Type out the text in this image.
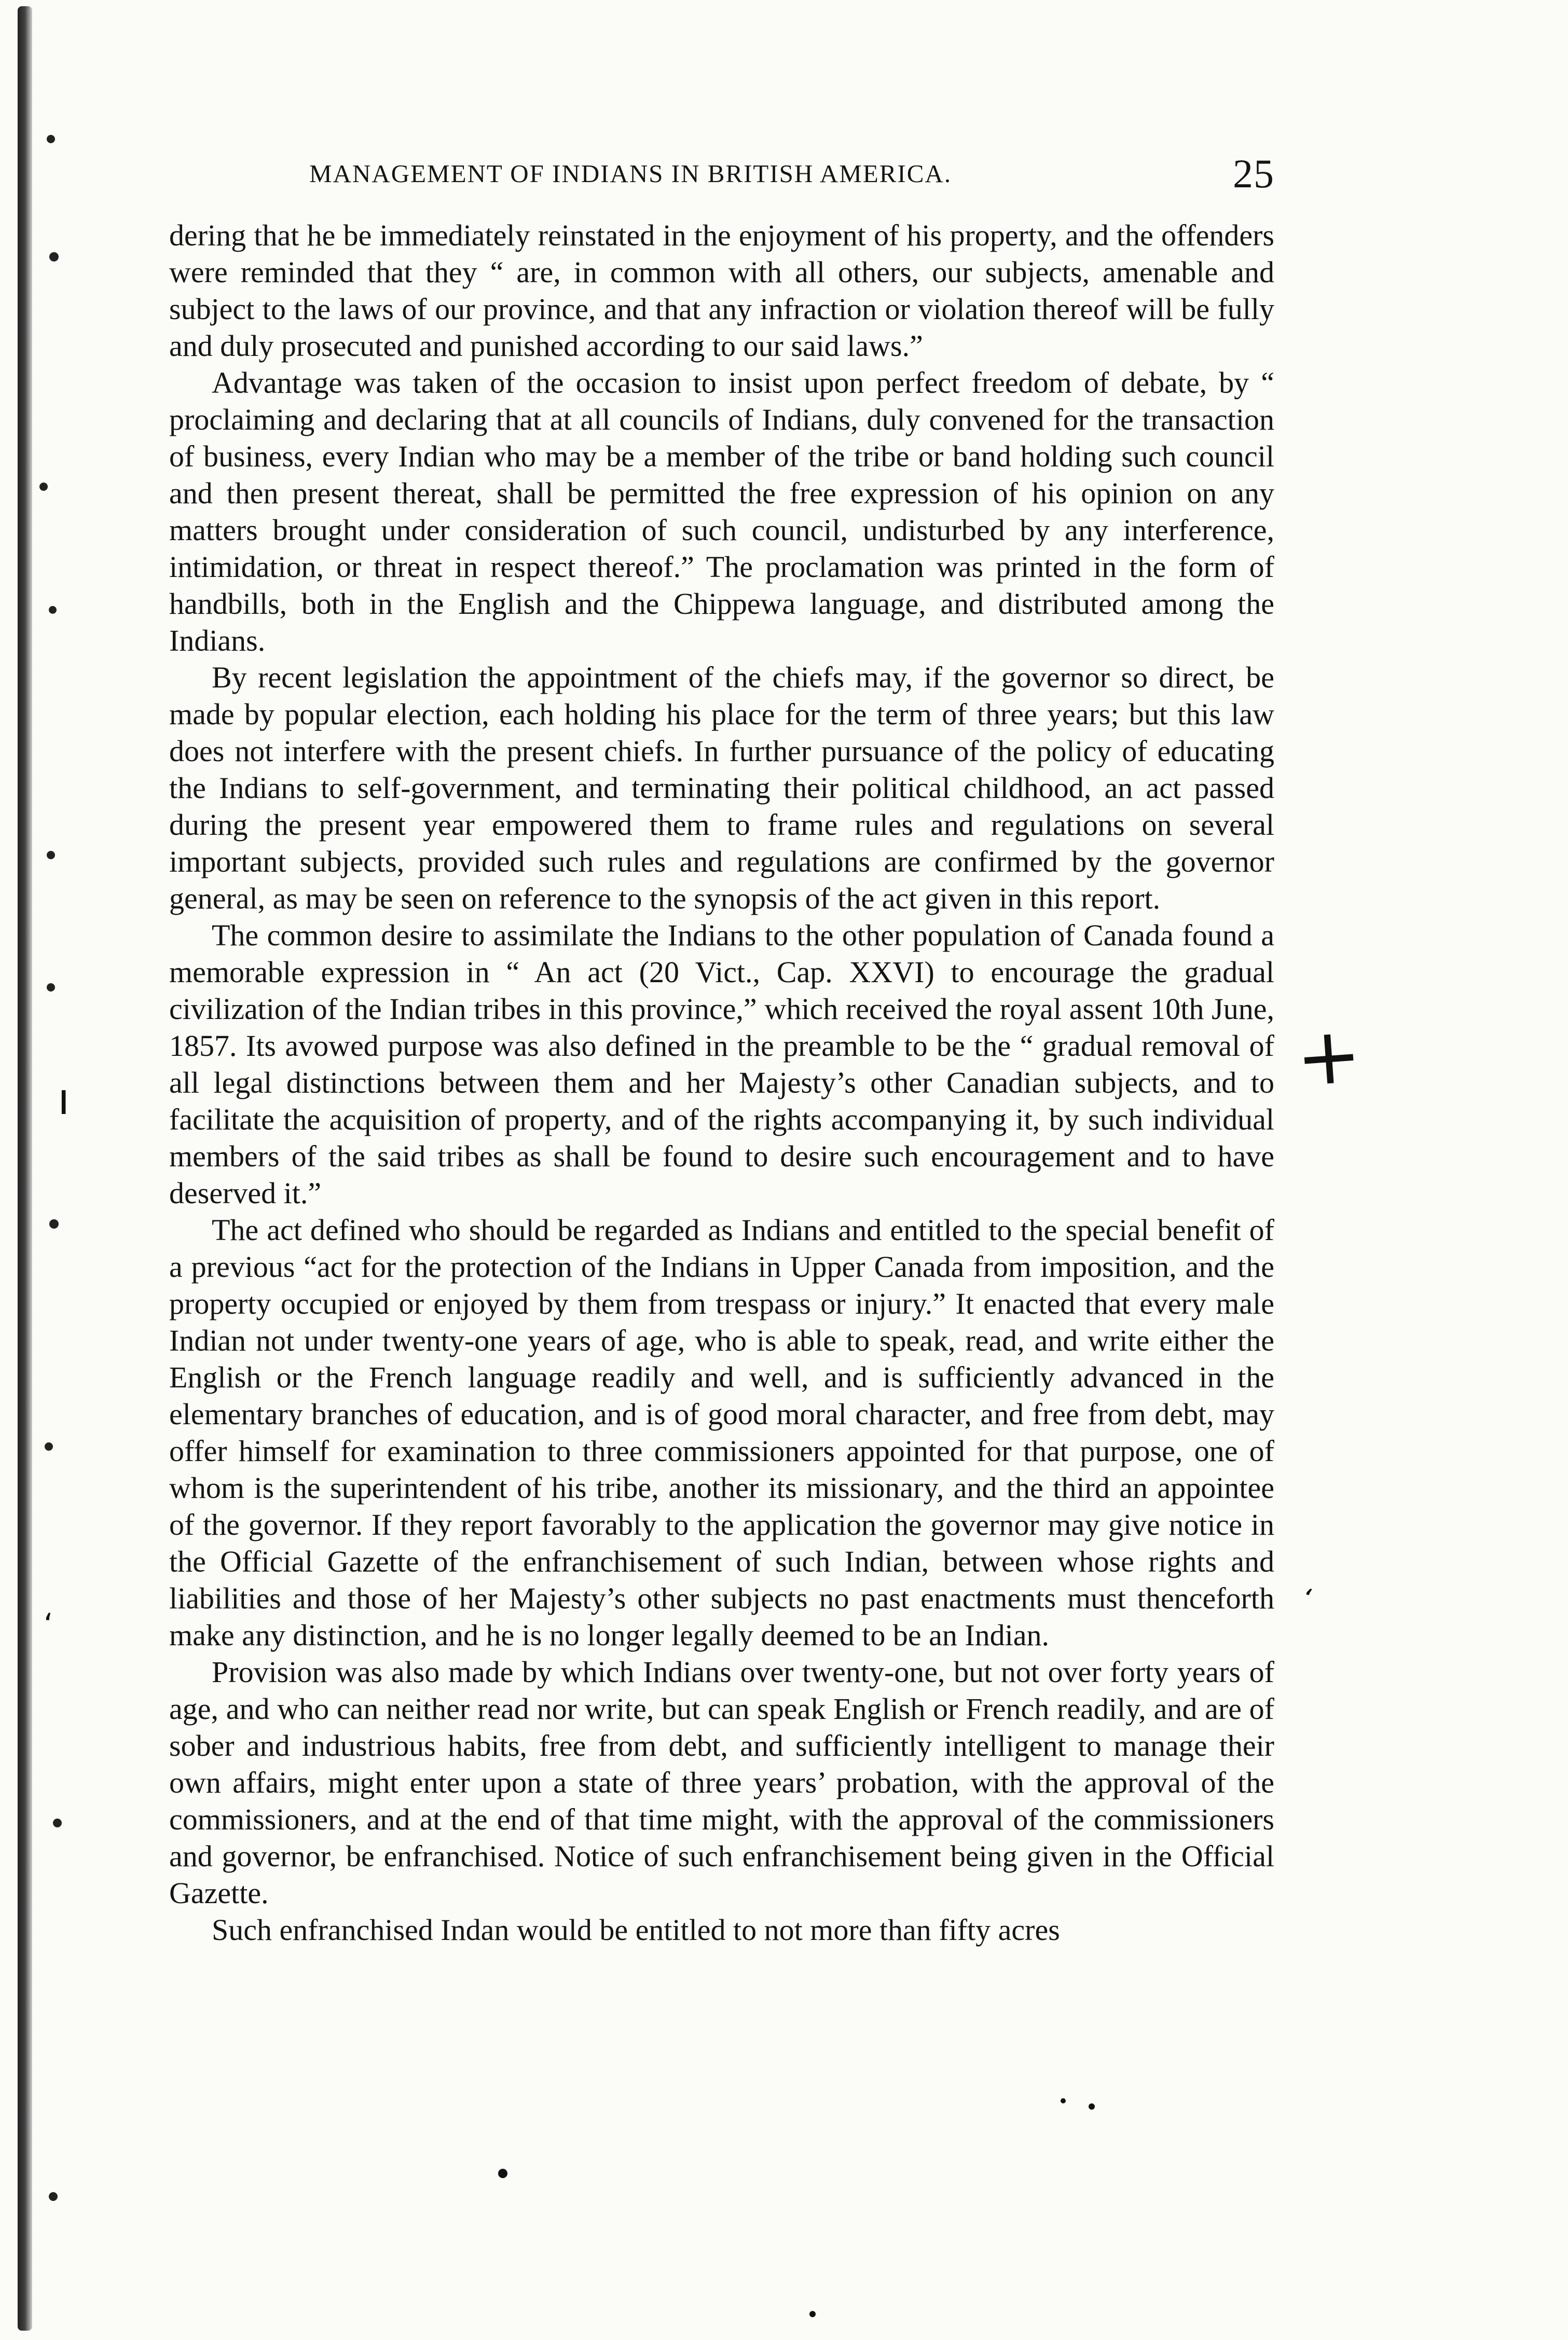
MANAGEMENT OF INDIANS IN BRITISH AMERICA.	25

dering that he be immediately reinstated in the enjoyment of his property, and the offenders were reminded that they “ are, in common with all others, our subjects, amenable and subject to the laws of our province, and that any infraction or violation thereof will be fully and duly prosecuted and punished according to our said laws.”

Advantage was taken of the occasion to insist upon perfect freedom of debate, by “ proclaiming and declaring that at all councils of Indians, duly convened for the transaction of business, every Indian who may be a member of the tribe or band holding such council and then present thereat, shall be permitted the free expression of his opinion on any matters brought under consideration of such council, undisturbed by any interference, intimidation, or threat in respect thereof.” The proclamation was printed in the form of handbills, both in the English and the Chippewa language, and distributed among the Indians.

By recent legislation the appointment of the chiefs may, if the governor so direct, be made by popular election, each holding his place for the term of three years; but this law does not interfere with the present chiefs. In further pursuance of the policy of educating the Indians to self-government, and terminating their political childhood, an act passed during the present year empowered them to frame rules and regulations on several important subjects, provided such rules and regulations are confirmed by the governor general, as may be seen on reference to the synopsis of the act given in this report.

The common desire to assimilate the Indians to the other population of Canada found a memorable expression in “ An act (20 Vict., Cap. XXVI) to encourage the gradual civilization of the Indian tribes in this province,” which received the royal assent 10th June, 1857. Its avowed purpose was also defined in the preamble to be the “ gradual removal of all legal distinctions between them and her Majesty’s other Canadian subjects, and to facilitate the acquisition of property, and of the rights accompanying it, by such individual members of the said tribes as shall be found to desire such encouragement and to have deserved it.”

The act defined who should be regarded as Indians and entitled to the special benefit of a previous “act for the protection of the Indians in Upper Canada from imposition, and the property occupied or enjoyed by them from trespass or injury.” It enacted that every male Indian not under twenty-one years of age, who is able to speak, read, and write either the English or the French language readily and well, and is sufficiently advanced in the elementary branches of education, and is of good moral character, and free from debt, may offer himself for examination to three commissioners appointed for that purpose, one of whom is the superintendent of his tribe, another its missionary, and the third an appointee of the governor. If they report favorably to the application the governor may give notice in the Official Gazette of the enfranchisement of such Indian, between whose rights and liabilities and those of her Majesty’s other subjects no past enactments must thenceforth make any distinction, and he is no longer legally deemed to be an Indian.

Provision was also made by which Indians over twenty-one, but not over forty years of age, and who can neither read nor write, but can speak English or French readily, and are of sober and industrious habits, free from debt, and sufficiently intelligent to manage their own affairs, might enter upon a state of three years’ probation, with the approval of the commissioners, and at the end of that time might, with the approval of the commissioners and governor, be enfranchised. Notice of such enfranchisement being given in the Official Gazette.

Such enfranchised Indan would be entitled to not more than fifty acres

+
‘
ı
‘
